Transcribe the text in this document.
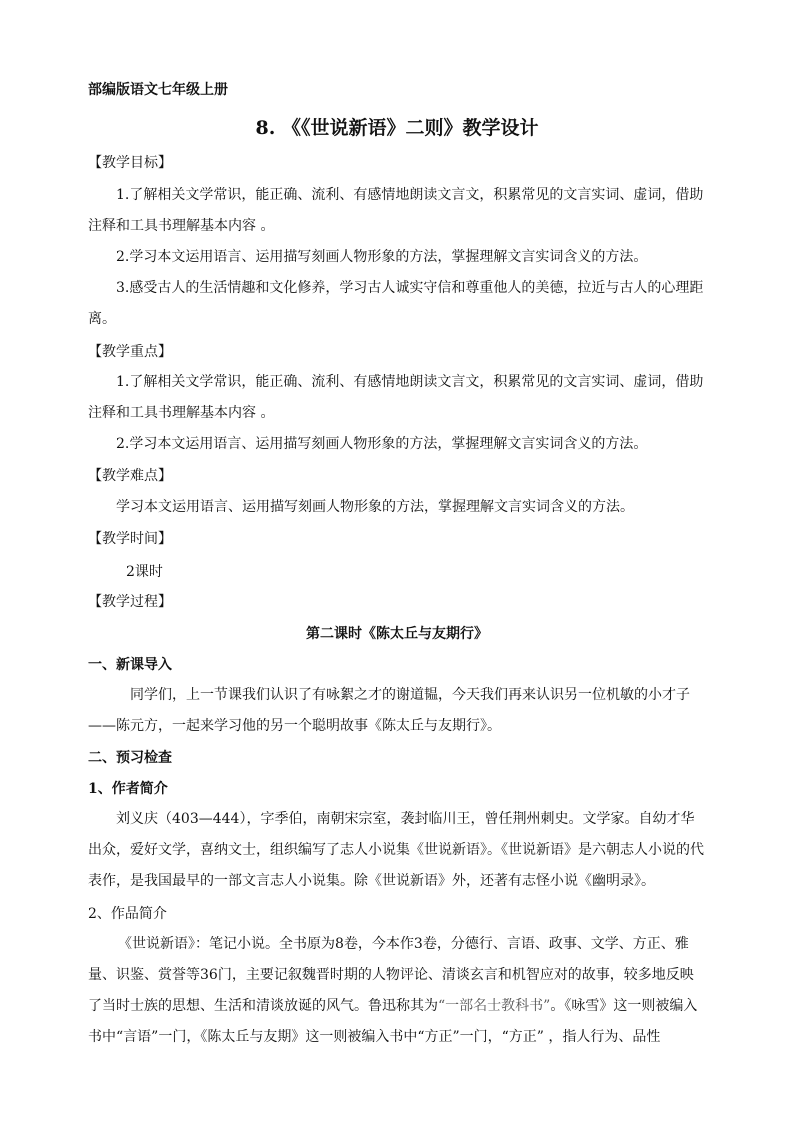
部编版语文七年级上册
8. 《《世说新语》二则》教学设计
【教学目标】

1.了解相关文学常识，能正确、流利、有感情地朗读文言文，积累常见的文言实词、虚词，借助注释和工具书理解基本内容 。

2.学习本文运用语言、运用描写刻画人物形象的方法，掌握理解文言实词含义的方法。

3.感受古人的生活情趣和文化修养，学习古人诚实守信和尊重他人的美德，拉近与古人的心理距离。

【教学重点】

1.了解相关文学常识，能正确、流利、有感情地朗读文言文，积累常见的文言实词、虚词，借助注释和工具书理解基本内容 。

2.学习本文运用语言、运用描写刻画人物形象的方法，掌握理解文言实词含义的方法。

【教学难点】

学习本文运用语言、运用描写刻画人物形象的方法，掌握理解文言实词含义的方法。

【教学时间】
2课时
【教学过程】
第二课时《陈太丘与友期行》
一、新课导入

同学们，上一节课我们认识了有咏絮之才的谢道韫，今天我们再来认识另一位机敏的小才子——陈元方，一起来学习他的另一个聪明故事《陈太丘与友期行》。

二、预习检查
1、作者简介

刘义庆（403—444），字季伯，南朝宋宗室，袭封临川王，曾任荆州刺史。文学家。自幼才华出众，爱好文学，喜纳文士，组织编写了志人小说集《世说新语》。《世说新语》是六朝志人小说的代表作，是我国最早的一部文言志人小说集。除《世说新语》外，还著有志怪小说《幽明录》。

2、作品简介

《世说新语》：笔记小说。全书原为8卷，今本作3卷，分德行、言语、政事、文学、方正、雅量、识鉴、赏誉等36门，主要记叙魏晋时期的人物评论、清谈玄言和机智应对的故事，较多地反映了当时士族的思想、生活和清谈放诞的风气。鲁迅称其为“一部名士教科书”。《咏雪》这一则被编入书中“言语”一门，《陈太丘与友期》这一则被编入书中“方正”一门，“方正” ，指人行为、品性
